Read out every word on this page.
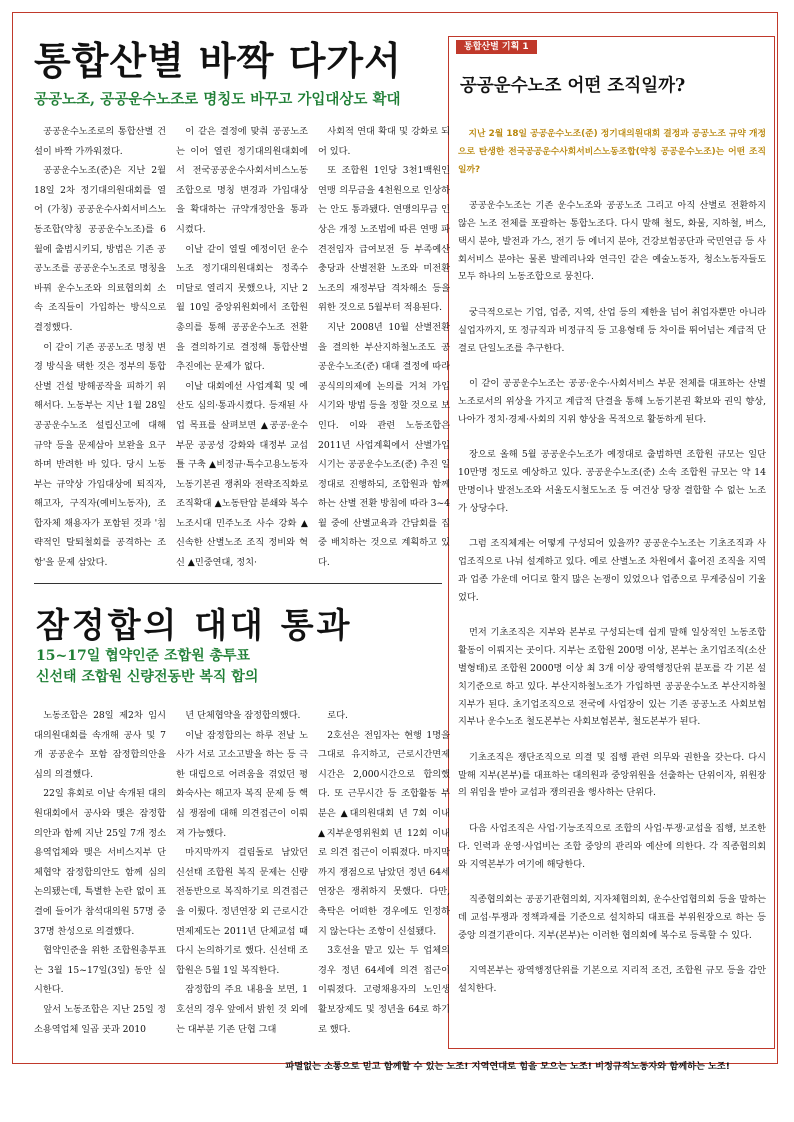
통합산별 바짝 다가서
공공노조, 공공운수노조로 명칭도 바꾸고 가입대상도 확대

공공운수노조로의 통합산별 건설이 바짝 가까워졌다.

공공운수노조(준)은 지난 2월 18일 2차 정기대의원대회를 열어 (가칭) 공공운수사회서비스노동조합(약칭 공공운수노조)를 6월에 출범시키되, 방법은 기존 공공노조를 공공운수노조로 명칭을 바꿔 운수노조와 의료협의회 소속 조직들이 가입하는 방식으로 결정했다.

이 같이 기존 공공노조 명칭 변경 방식을 택한 것은 정부의 통합산별 건설 방해공작을 피하기 위해서다. 노동부는 지난 1월 28일 공공운수노조 설립신고에 대해 규약 등을 문제삼아 보완을 요구하며 반려한 바 있다. 당시 노동부는 규약상 가입대상에 퇴직자, 해고자, 구직자(예비노동자), 조합자체 채용자가 포함된 것과 '침략적인 탈퇴철회를 공격하는 조항'을 문제 삼았다.

이 같은 결정에 맞춰 공공노조는 이어 열린 정기대의원대회에서 전국공공운수사회서비스노동조합으로 명칭 변경과 가입대상을 확대하는 규약개정안을 통과시켰다.

이날 같이 열릴 예정이던 운수노조 정기대의원대회는 정족수 미달로 열리지 못했으나, 지난 2월 10일 중앙위원회에서 조합원 총의를 통해 공공운수노조 전환을 결의하기로 결정해 통합산별 추진에는 문제가 없다.

이날 대회에선 사업계획 및 예산도 심의·통과시켰다. 등재된 사업 목표를 살펴보면 ▲공공·운수부문 공공성 강화와 대정부 교섭틀 구축 ▲비정규·특수고용노동자 노동기본권 쟁취와 전략조직화로 조직확대 ▲노동탄압 분쇄와 복수노조시대 민주노조 사수 강화 ▲신속한 산별노조 조직 정비와 혁신 ▲민중연대, 정치·

사회적 연대 확대 및 강화로 되어 있다.

또 조합원 1인당 3천1백원인 연맹 의무금을 4천원으로 인상하는 안도 통과됐다. 연맹의무금 인상은 개정 노조법에 따른 연맹 파견전임자 급여보전 등 부족예산 충당과 산별전환 노조와 미전환 노조의 재정부담 격차해소 등을 위한 것으로 5월부터 적용된다.

지난 2008년 10월 산별전환을 결의한 부산지하철노조도 공공운수노조(준) 대대 결정에 따라 공식의의제에 논의를 거쳐 가입 시기와 방법 등을 정할 것으로 보인다. 이와 관련 노동조합은 2011년 사업계획에서 산별가입 시기는 공공운수노조(준) 추진 일정대로 진행하되, 조합원과 함께하는 산별 전환 방침에 따라 3~4월 중에 산별교육과 간담회를 집중 배치하는 것으로 계획하고 있다.

잠정합의 대대 통과
15~17일 협약인준 조합원 총투표
신선태 조합원 신량전동반 복직 합의

노동조합은 28일 제2차 임시대의원대회를 속개해 공사 및 7개 공공운수 포함 잠정합의안을 심의 의결했다.

22일 휴회로 이날 속개된 대의원대회에서 공사와 맺은 잠정합의안과 함께 지난 25일 7개 정소용역업체와 맺은 서비스지부 단체협약 잠정합의안도 함께 심의 논의됐는데, 특별한 논란 없이 표결에 들어가 참석대의원 57명 중 37명 찬성으로 의결했다.

협약인준을 위한 조합원총투표는 3월 15~17일(3일) 동안 실시한다.

앞서 노동조합은 지난 25일 정소용역업체 일곱 곳과 2010

년 단체협약을 잠정합의했다.

이날 잠정합의는 하루 전날 노사가 서로 고소고발을 하는 등 극한 대립으로 어려움을 겪었던 평화숙사는 해고자 복직 문제 등 핵심 쟁점에 대해 의견접근이 이뤄져 가능했다.

마지막까지 걸림돌로 남았던 신선태 조합원 복직 문제는 신량전동반으로 복직하기로 의견접근을 이뤘다. 정년연장 외 근로시간 면제제도는 2011년 단체교섭 때 다시 논의하기로 했다. 신선태 조합원은 5월 1일 복직한다.

잠정합의 주요 내용을 보면, 1호선의 경우 앞에서 밝힌 것 외에는 대부분 기존 단협 그대

로다.

2호선은 전임자는 현행 1명을 그대로 유지하고, 근로시간면제시간은 2,000시간으로 합의했다. 또 근무시간 등 조합활동 부분은 ▲대의원대회 년 7회 이내 ▲지부운영위원회 년 12회 이내로 의견 접근이 이뤄졌다. 마지막까지 쟁점으로 남았던 정년 64세 연장은 쟁취하지 못했다. 다만, 축탁은 어떠한 경우에도 인정하지 않는다는 조항이 신설됐다.

3호선을 맡고 있는 두 업체의 경우 정년 64세에 의견 접근이 이뤄졌다. 고령채용자의 노인생활보장제도 및 정년을 64로 하기로 했다.

통합산별 기획 1
공공운수노조 어떤 조직일까?

지난 2월 18일 공공운수노조(준) 정기대의원대회 결정과 공공노조 규약 개정으로 탄생한 전국공공운수사회서비스노동조합(약칭 공공운수노조)는 어떤 조직일까?

공공운수노조는 기존 운수노조와 공공노조 그리고 아직 산별로 전환하지 않은 노조 전체를 포괄하는 통합노조다. 다시 말해 철도, 화물, 지하철, 버스, 택시 분야, 발전과 가스, 전기 등 에너지 분야, 건강보험공단과 국민연금 등 사회서비스 분야는 물론 발레리나와 연극인 같은 예술노동자, 청소노동자들도 모두 하나의 노동조합으로 뭉친다.

궁극적으로는 기업, 업종, 지역, 산업 등의 제한을 넘어 취업자뿐만 아니라 실업자까지, 또 정규직과 비정규직 등 고용형태 등 차이를 뛰어넘는 계급적 단결로 단일노조를 추구한다.

이 같이 공공운수노조는 공공·운수·사회서비스 부문 전체를 대표하는 산별노조로서의 위상을 가지고 계급적 단결을 통해 노동기본권 확보와 권익 향상, 나아가 정치·경제·사회의 지위 향상을 목적으로 활동하게 된다.

장으로 올해 5월 공공운수노조가 예정대로 출범하면 조합원 규모는 일단 10만명 정도로 예상하고 있다. 공공운수노조(준) 소속 조합원 규모는 약 14만명이나 발전노조와 서울도시철도노조 등 여건상 당장 결합할 수 없는 노조가 상당수다.

그럼 조직체계는 어떻게 구성되어 있을까? 공공운수노조는 기초조직과 사업조직으로 나눠 설계하고 있다. 예로 산별노조 차원에서 흩어진 조직을 지역과 업종 가운데 어디로 할지 많은 논쟁이 있었으나 업종으로 무게중심이 기울었다.

먼저 기초조직은 지부와 본부로 구성되는데 쉽게 말해 일상적인 노동조합 활동이 이뤄지는 곳이다. 지부는 조합원 200명 이상, 본부는 초기업조직(소산별형태)로 조합원 2000명 이상 최 3개 이상 광역행정단위 분포를 각 기본 설치기준으로 하고 있다. 부산지하철노조가 가입하면 공공운수노조 부산지하철지부가 된다. 초기업조직으로 전국에 사업장이 있는 기존 공공노조 사회보험지부나 운수노조 철도본부는 사회보험본부, 철도본부가 된다.

기초조직은 쟁단조직으로 의결 및 집행 관련 의무와 권한을 갖는다. 다시 말해 지부(본부)를 대표하는 대의원과 중앙위원을 선출하는 단위이자, 위원장의 위임을 받아 교섭과 쟁의권을 행사하는 단위다.

다음 사업조직은 사업·기능조직으로 조합의 사업·투쟁·교섭을 집행, 보조한다. 인력과 운영·사업비는 조합 중앙의 관리와 예산에 의한다. 각 직종협의회와 지역본부가 여기에 해당한다.

직종협의회는 공공기관협의회, 지자체협의회, 운수산업협의회 등을 말하는데 교섭·투쟁과 정책과제를 기준으로 설치하되 대표를 부위원장으로 하는 등 중앙 의결기관이다. 지부(본부)는 이러한 협의회에 복수로 등록할 수 있다.

지역본부는 광역행정단위를 기본으로 지리적 조건, 조합원 규모 등을 감안 설치한다.

파멸없는 소통으로 믿고 함께할 수 있는 노조! 지역연대로 힘을 모으는 노조! 비정규직노동자와 함께하는 노조!
